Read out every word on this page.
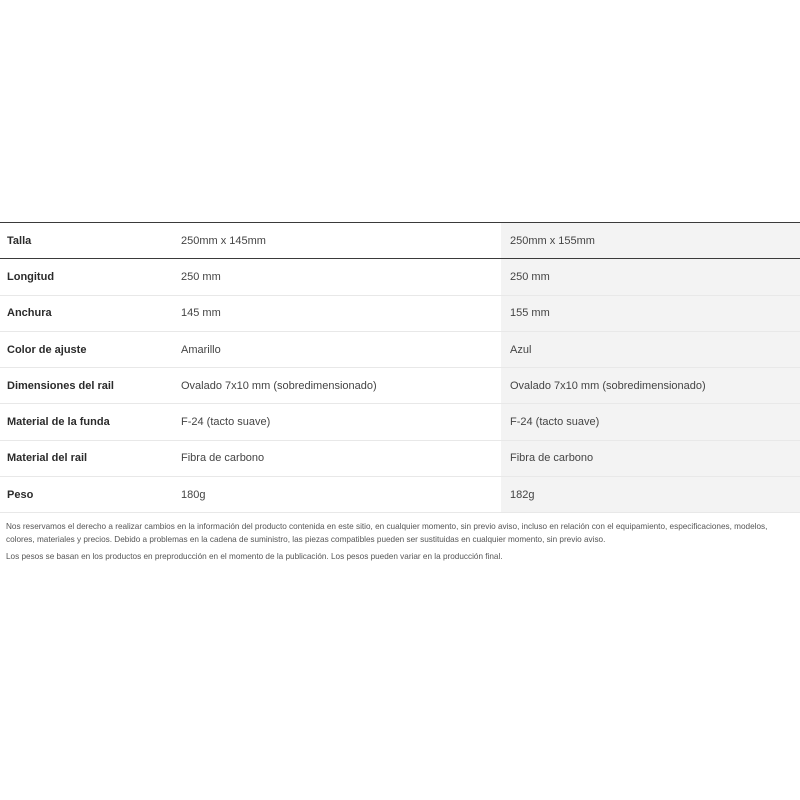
Talla	250mm x 145mm	250mm x 155mm
Longitud	250 mm	250 mm
Anchura	145 mm	155 mm
Color de ajuste	Amarillo	Azul
Dimensiones del rail	Ovalado 7x10 mm (sobredimensionado)	Ovalado 7x10 mm (sobredimensionado)
Material de la funda	F-24 (tacto suave)	F-24 (tacto suave)
Material del rail	Fibra de carbono	Fibra de carbono
Peso	180g	182g

Nos reservamos el derecho a realizar cambios en la información del producto contenida en este sitio, en cualquier momento, sin previo aviso, incluso en relación con el equipamiento, especificaciones, modelos, colores, materiales y precios. Debido a problemas en la cadena de suministro, las piezas compatibles pueden ser sustituidas en cualquier momento, sin previo aviso.

Los pesos se basan en los productos en preproducción en el momento de la publicación. Los pesos pueden variar en la producción final.
